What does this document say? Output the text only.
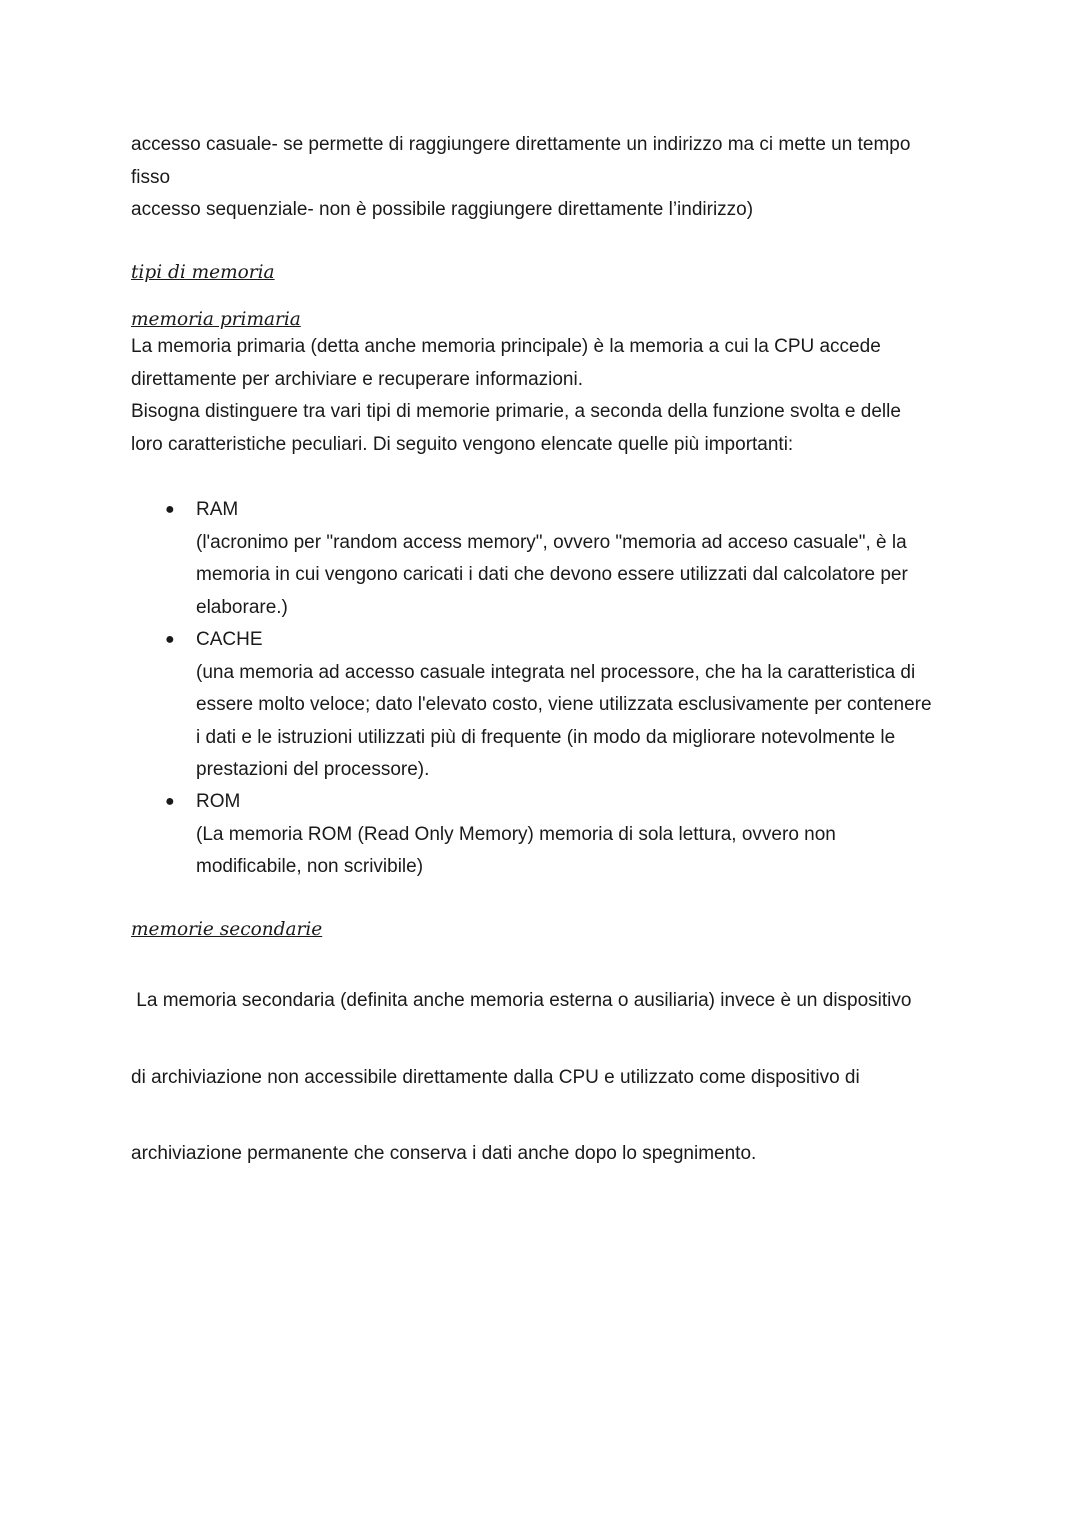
accesso casuale- se permette di raggiungere direttamente un indirizzo ma ci mette un tempo
fisso
accesso sequenziale- non è possibile raggiungere direttamente l’indirizzo)
tipi di memoria
memoria primaria
La memoria primaria (detta anche memoria principale) è la memoria a cui la CPU accede
direttamente per archiviare e recuperare informazioni.
Bisogna distinguere tra vari tipi di memorie primarie, a seconda della funzione svolta e delle
loro caratteristiche peculiari. Di seguito vengono elencate quelle più importanti:
●	RAM
(l'acronimo per "random access memory", ovvero "memoria ad acceso casuale", è la
memoria in cui vengono caricati i dati che devono essere utilizzati dal calcolatore per
elaborare.)
●	CACHE
(una memoria ad accesso casuale integrata nel processore, che ha la caratteristica di
essere molto veloce; dato l'elevato costo, viene utilizzata esclusivamente per contenere
i dati e le istruzioni utilizzati più di frequente (in modo da migliorare notevolmente le
prestazioni del processore).
●	ROM
(La memoria ROM (Read Only Memory) memoria di sola lettura, ovvero non
modificabile, non scrivibile)
memorie secondarie

La memoria secondaria (definita anche memoria esterna o ausiliaria) invece è un dispositivo

di archiviazione non accessibile direttamente dalla CPU e utilizzato come dispositivo di

archiviazione permanente che conserva i dati anche dopo lo spegnimento.
